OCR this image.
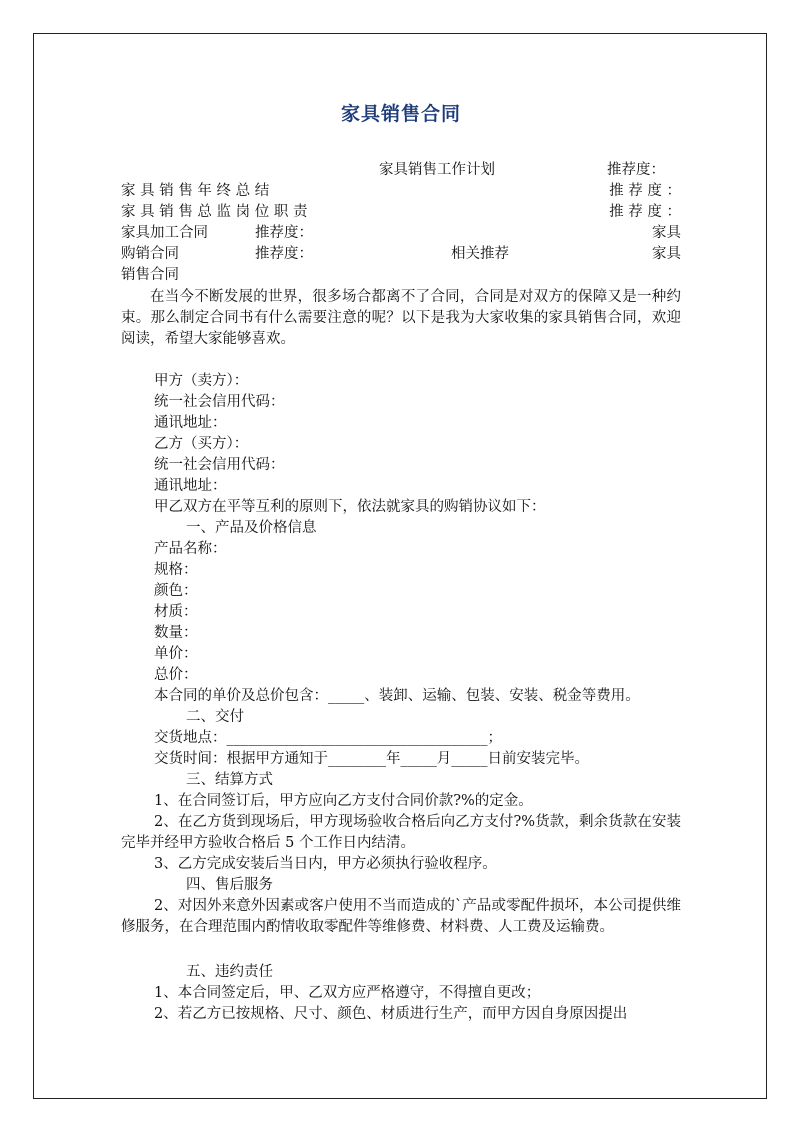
家具销售合同
家具销售工作计划	推荐度：
家 具 销 售 年 终 总 结	推 荐 度 ：
家 具 销 售 总 监 岗 位 职 责	推 荐 度 ：
家具加工合同	推荐度：	家具
购销合同	推荐度：	相关推荐	家具
销售合同
在当今不断发展的世界，很多场合都离不了合同，合同是对双方的保障又是一种约束。那么制定合同书有什么需要注意的呢？以下是我为大家收集的家具销售合同，欢迎阅读，希望大家能够喜欢。
甲方（卖方）：
统一社会信用代码：
通讯地址：
乙方（买方）：
统一社会信用代码：
通讯地址：
甲乙双方在平等互利的原则下，依法就家具的购销协议如下：
一、产品及价格信息
产品名称：
规格：
颜色：
材质：
数量：
单价：
总价：
本合同的单价及总价包含：_____、装卸、运输、包装、安装、税金等费用。
二、交付
交货地点：____________________________________；
交货时间：根据甲方通知于________年_____月_____日前安装完毕。
三、结算方式
1、在合同签订后，甲方应向乙方支付合同价款?%的定金。
2、在乙方货到现场后，甲方现场验收合格后向乙方支付?%货款，剩余货款在安装完毕并经甲方验收合格后 5 个工作日内结清。
3、乙方完成安装后当日内，甲方必须执行验收程序。
四、售后服务
2、对因外来意外因素或客户使用不当而造成的`产品或零配件损坏，本公司提供维修服务，在合理范围内酌情收取零配件等维修费、材料费、人工费及运输费。
五、违约责任
1、本合同签定后，甲、乙双方应严格遵守，不得擅自更改；
2、若乙方已按规格、尺寸、颜色、材质进行生产，而甲方因自身原因提出
